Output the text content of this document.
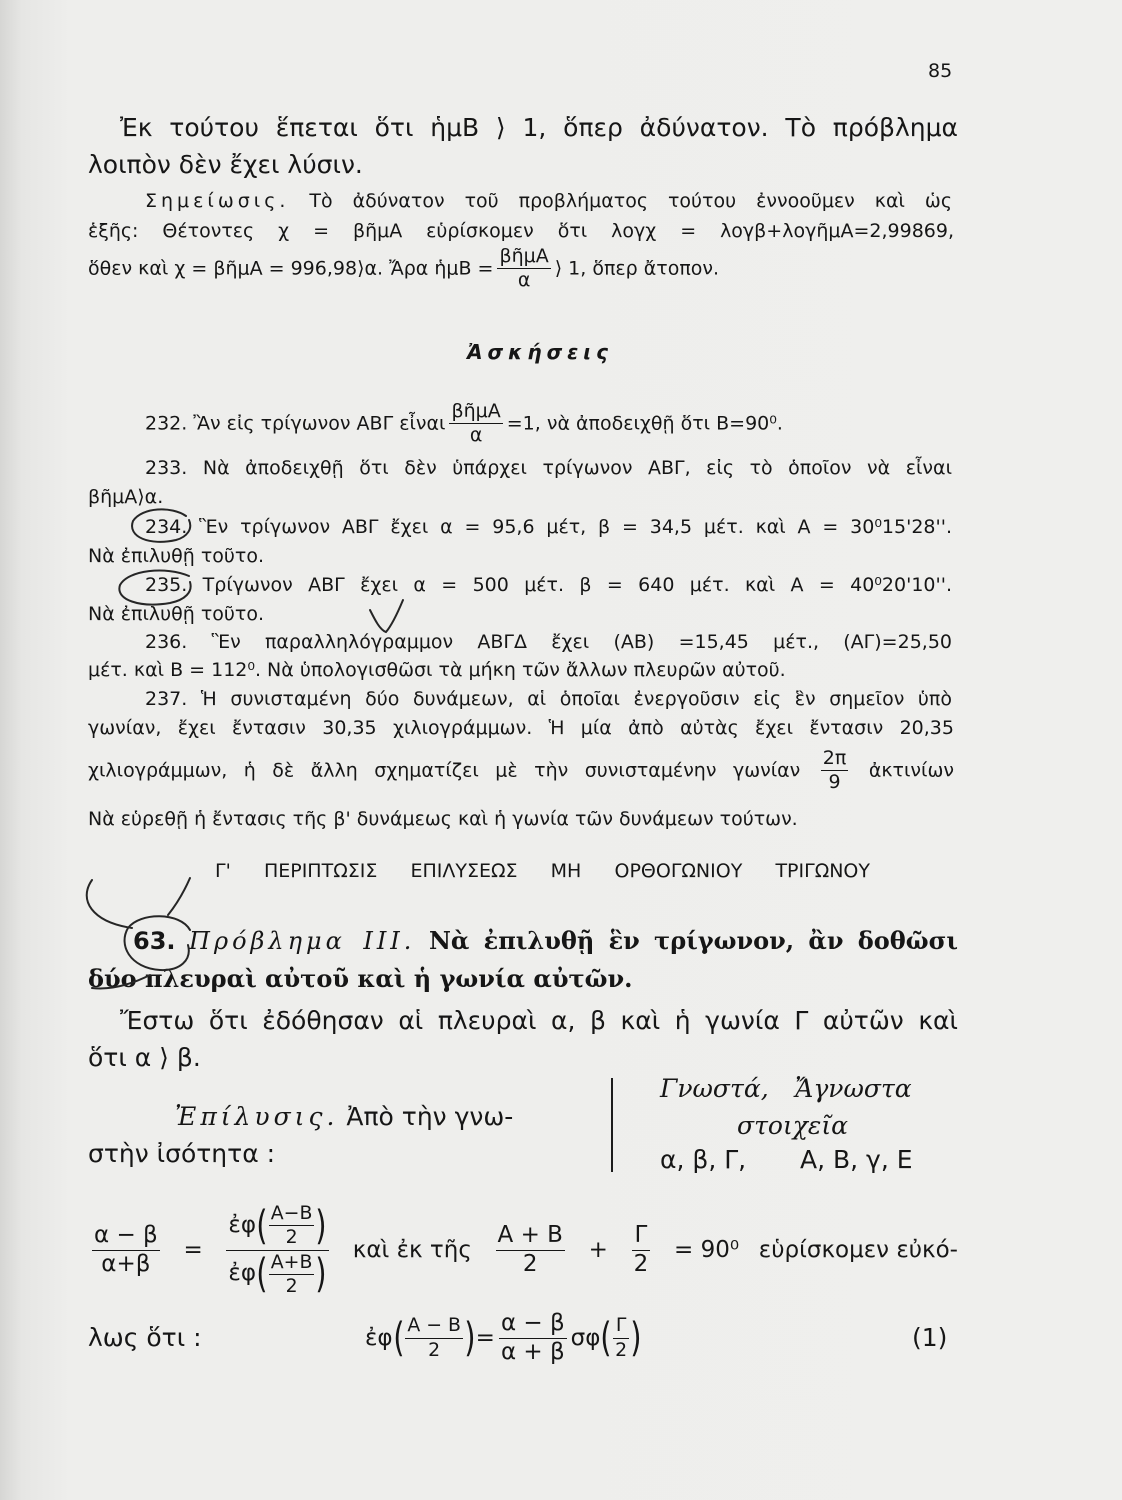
85
Ἐκ τούτου ἕπεται ὅτι ἡμΒ ⟩ 1, ὅπερ ἀδύνατον. Τὸ πρόβλημα
λοιπὸν δὲν ἔχει λύσιν.
Σημείωσις. Τὸ ἀδύνατον τοῦ προβλήματος τούτου ἐννοοῦμεν καὶ ὡς
ἑξῆς: Θέτοντες χ = βῆμΑ εὑρίσκομεν ὅτι λογχ = λογβ+λογῆμΑ=2,99869,
ὅθεν καὶ χ = βῆμΑ = 996,98⟩α. Ἄρα ἡμΒ = $\frac{\text{βῆμΑ}}{\alpha}$ ⟩ 1, ὅπερ ἄτοπον.
Ἀσκήσεις
232. Ἂν εἰς τρίγωνον ΑΒΓ εἶναι $\frac{\text{βῆμΑ}}{\alpha} =1$, νὰ ἀποδειχθῇ ὅτι Β=90⁰.
233. Νὰ ἀποδειχθῇ ὅτι δὲν ὑπάρχει τρίγωνον ΑΒΓ, εἰς τὸ ὁποῖον νὰ εἶναι
βῆμΑ⟩α.
234. Ἓν τρίγωνον ΑΒΓ ἔχει α = 95,6 μέτ, β = 34,5 μέτ. καὶ Α = 30⁰15'28''.
Νὰ ἐπιλυθῇ τοῦτο.
235. Τρίγωνον ΑΒΓ ἔχει α = 500 μέτ. β = 640 μέτ. καὶ Α = 40⁰20'10''.
Νὰ ἐπιλυθῇ τοῦτο.
236. Ἓν παραλληλόγραμμον ΑΒΓΔ ἔχει (ΑΒ) =15,45 μέτ., (ΑΓ)=25,50
μέτ. καὶ Β = 112⁰. Νὰ ὑπολογισθῶσι τὰ μήκη τῶν ἄλλων πλευρῶν αὐτοῦ.
237. Ἡ συνισταμένη δύο δυνάμεων, αἱ ὁποῖαι ἐνεργοῦσιν εἰς ἓν σημεῖον ὑπὸ
γωνίαν, ἔχει ἔντασιν 30,35 χιλιογράμμων. Ἡ μία ἀπὸ αὐτὰς ἔχει ἔντασιν 20,35
χιλιογράμμων, ἡ δὲ ἄλλη σχηματίζει μὲ τὴν συνισταμένην γωνίαν $\frac{2\pi}{9}$ ἀκτινίων
Νὰ εὑρεθῇ ἡ ἔντασις τῆς β' δυνάμεως καὶ ἡ γωνία τῶν δυνάμεων τούτων.
Γ' ΠΕΡΙΠΤΩΣΙΣ ΕΠΙΛΥΣΕΩΣ ΜΗ ΟΡΘΟΓΩΝΙΟΥ ΤΡΙΓΩΝΟΥ
63. Πρόβλημα III. Νὰ ἐπιλυθῇ ἓν τρίγωνον, ἂν δοθῶσι
δύο πλευραὶ αὐτοῦ καὶ ἡ γωνία αὐτῶν.
Ἔστω ὅτι ἐδόθησαν αἱ πλευραὶ α, β καὶ ἡ γωνία Γ αὐτῶν καὶ
ὅτι α ⟩ β.
Ἐπίλυσις. Ἀπὸ τὴν γνω-
στὴν ἰσότητα :
Γνωστά, Ἄγνωστα
στοιχεῖα
α, β, Γ, Α, Β, γ, Ε
$\frac{\alpha - \beta}{\alpha+\beta} = \frac{ἐ\varphi ( \frac{A-B}{2} )}{ἐ\varphi ( \frac{A+B}{2} )}$ καὶ ἐκ τῆς $\frac{A + B}{2} + \frac{\Gamma}{2} = 90^0$ εὑρίσκομεν εὐκό-
λως ὅτι :	ἐφ ( $\frac{A - B}{2}$ ) = $\frac{\alpha - \beta}{\alpha + \beta}$ σφ ( $\frac{\Gamma}{2}$ )	(1)
